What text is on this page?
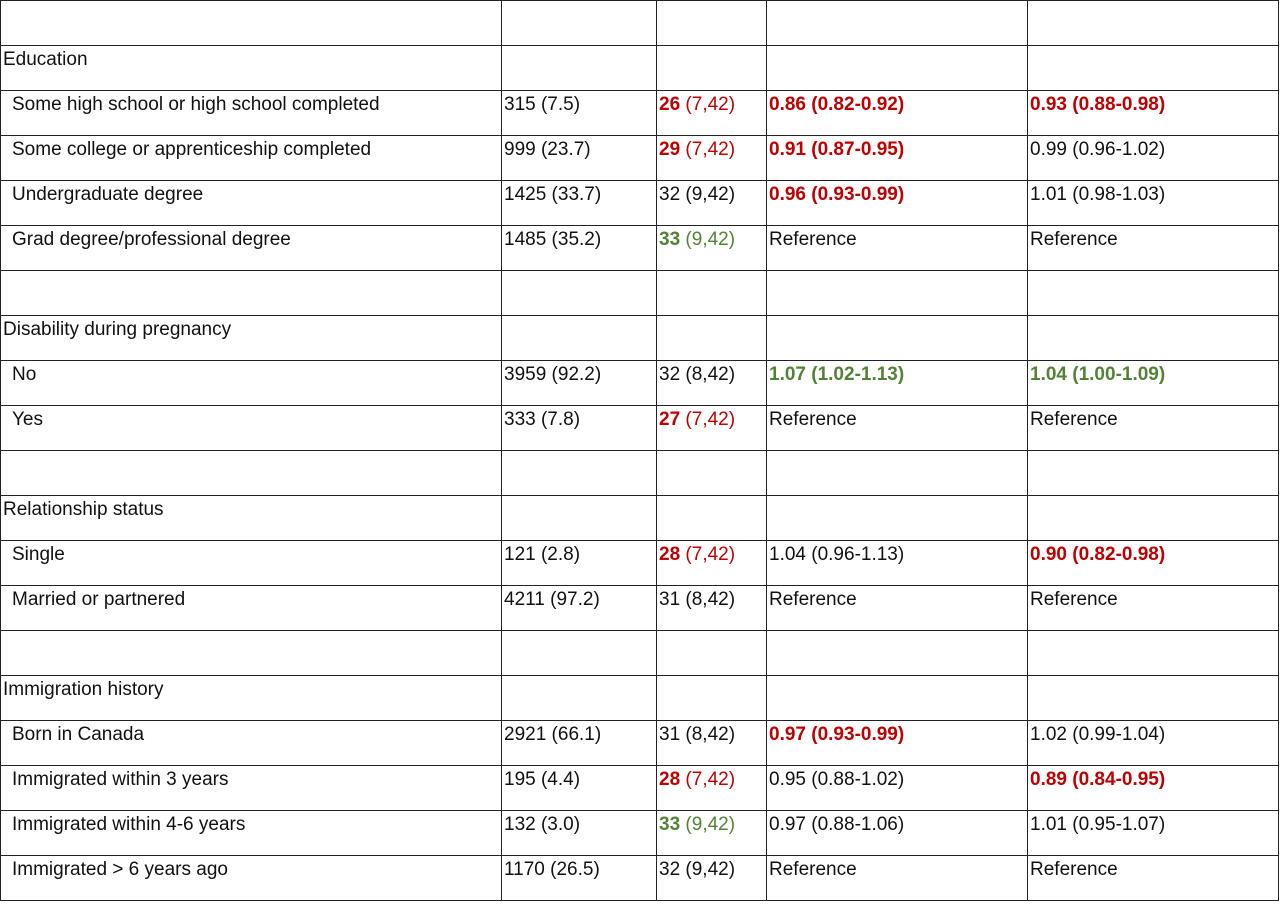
Education				
Some high school or high school completed	315 (7.5)	26 (7,42)	0.86 (0.82-0.92)	0.93 (0.88-0.98)
Some college or apprenticeship completed	999 (23.7)	29 (7,42)	0.91 (0.87-0.95)	0.99 (0.96-1.02)
Undergraduate degree	1425 (33.7)	32 (9,42)	0.96 (0.93-0.99)	1.01 (0.98-1.03)
Grad degree/professional degree	1485 (35.2)	33 (9,42)	Reference	Reference

Disability during pregnancy				
No	3959 (92.2)	32 (8,42)	1.07 (1.02-1.13)	1.04 (1.00-1.09)
Yes	333 (7.8)	27 (7,42)	Reference	Reference

Relationship status				
Single	121 (2.8)	28 (7,42)	1.04 (0.96-1.13)	0.90 (0.82-0.98)
Married or partnered	4211 (97.2)	31 (8,42)	Reference	Reference

Immigration history				
Born in Canada	2921 (66.1)	31 (8,42)	0.97 (0.93-0.99)	1.02 (0.99-1.04)
Immigrated within 3 years	195 (4.4)	28 (7,42)	0.95 (0.88-1.02)	0.89 (0.84-0.95)
Immigrated within 4-6 years	132 (3.0)	33 (9,42)	0.97 (0.88-1.06)	1.01 (0.95-1.07)
Immigrated > 6 years ago	1170 (26.5)	32 (9,42)	Reference	Reference
